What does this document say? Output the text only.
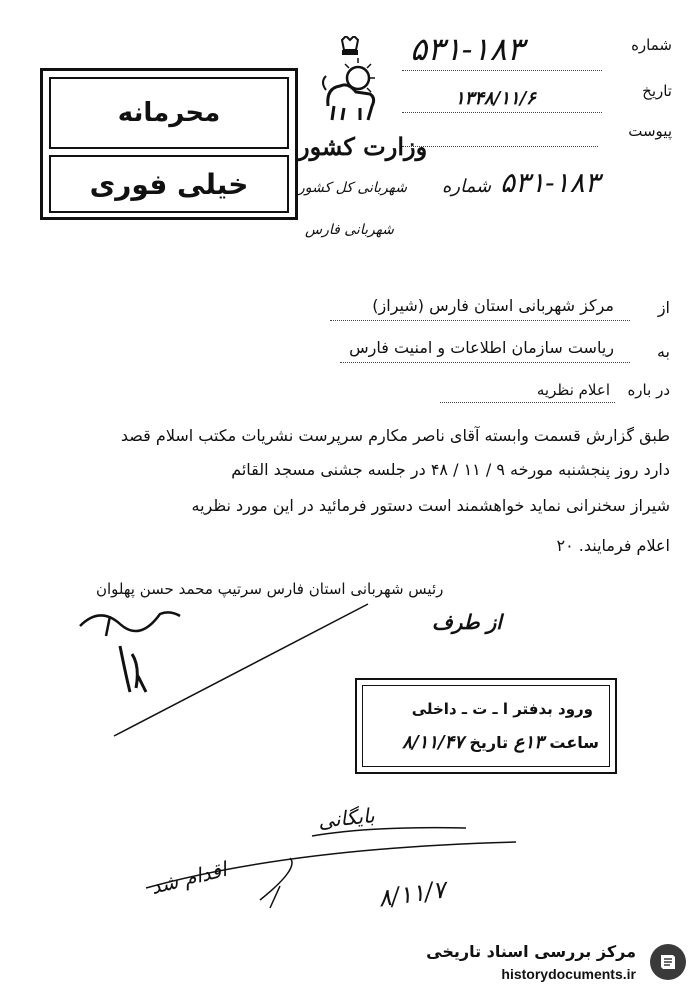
شماره
۵۳۱-۱۸۳
تاریخ
۱۳۴۸/۱۱/۶
پیوست
وزارت کشور
شهربانی کل کشور
شهربانی فارس
۵۳۱-۱۸۳ شماره
محرمانه
خیلی فوری
از
مرکز شهربانی استان فارس (شیراز)
به
ریاست سازمان اطلاعات و امنیت فارس
در باره
اعلام نظریه
طبق گزارش قسمت وابسته آقای ناصر مکارم سرپرست نشریات مکتب اسلام قصد
دارد روز پنجشنبه مورخه ۹ / ۱۱ / ۴۸ در جلسه جشنی مسجد القائم
شیراز سخنرانی نماید خواهشمند است دستور فرمائید در این مورد نظریه
اعلام فرمایند. ۲۰
رئیس شهربانی استان فارس سرتیپ محمد حسن پهلوان
از طرف
ورود بدفتر ا ـ ت ـ داخلی
ساعت ۱۳ع تاریخ ۸/۱۱/۴۷
بایگانی
اقدام شد	۸/۱۱/۷
مرکز بررسی اسناد تاریخی
historydocuments.ir
